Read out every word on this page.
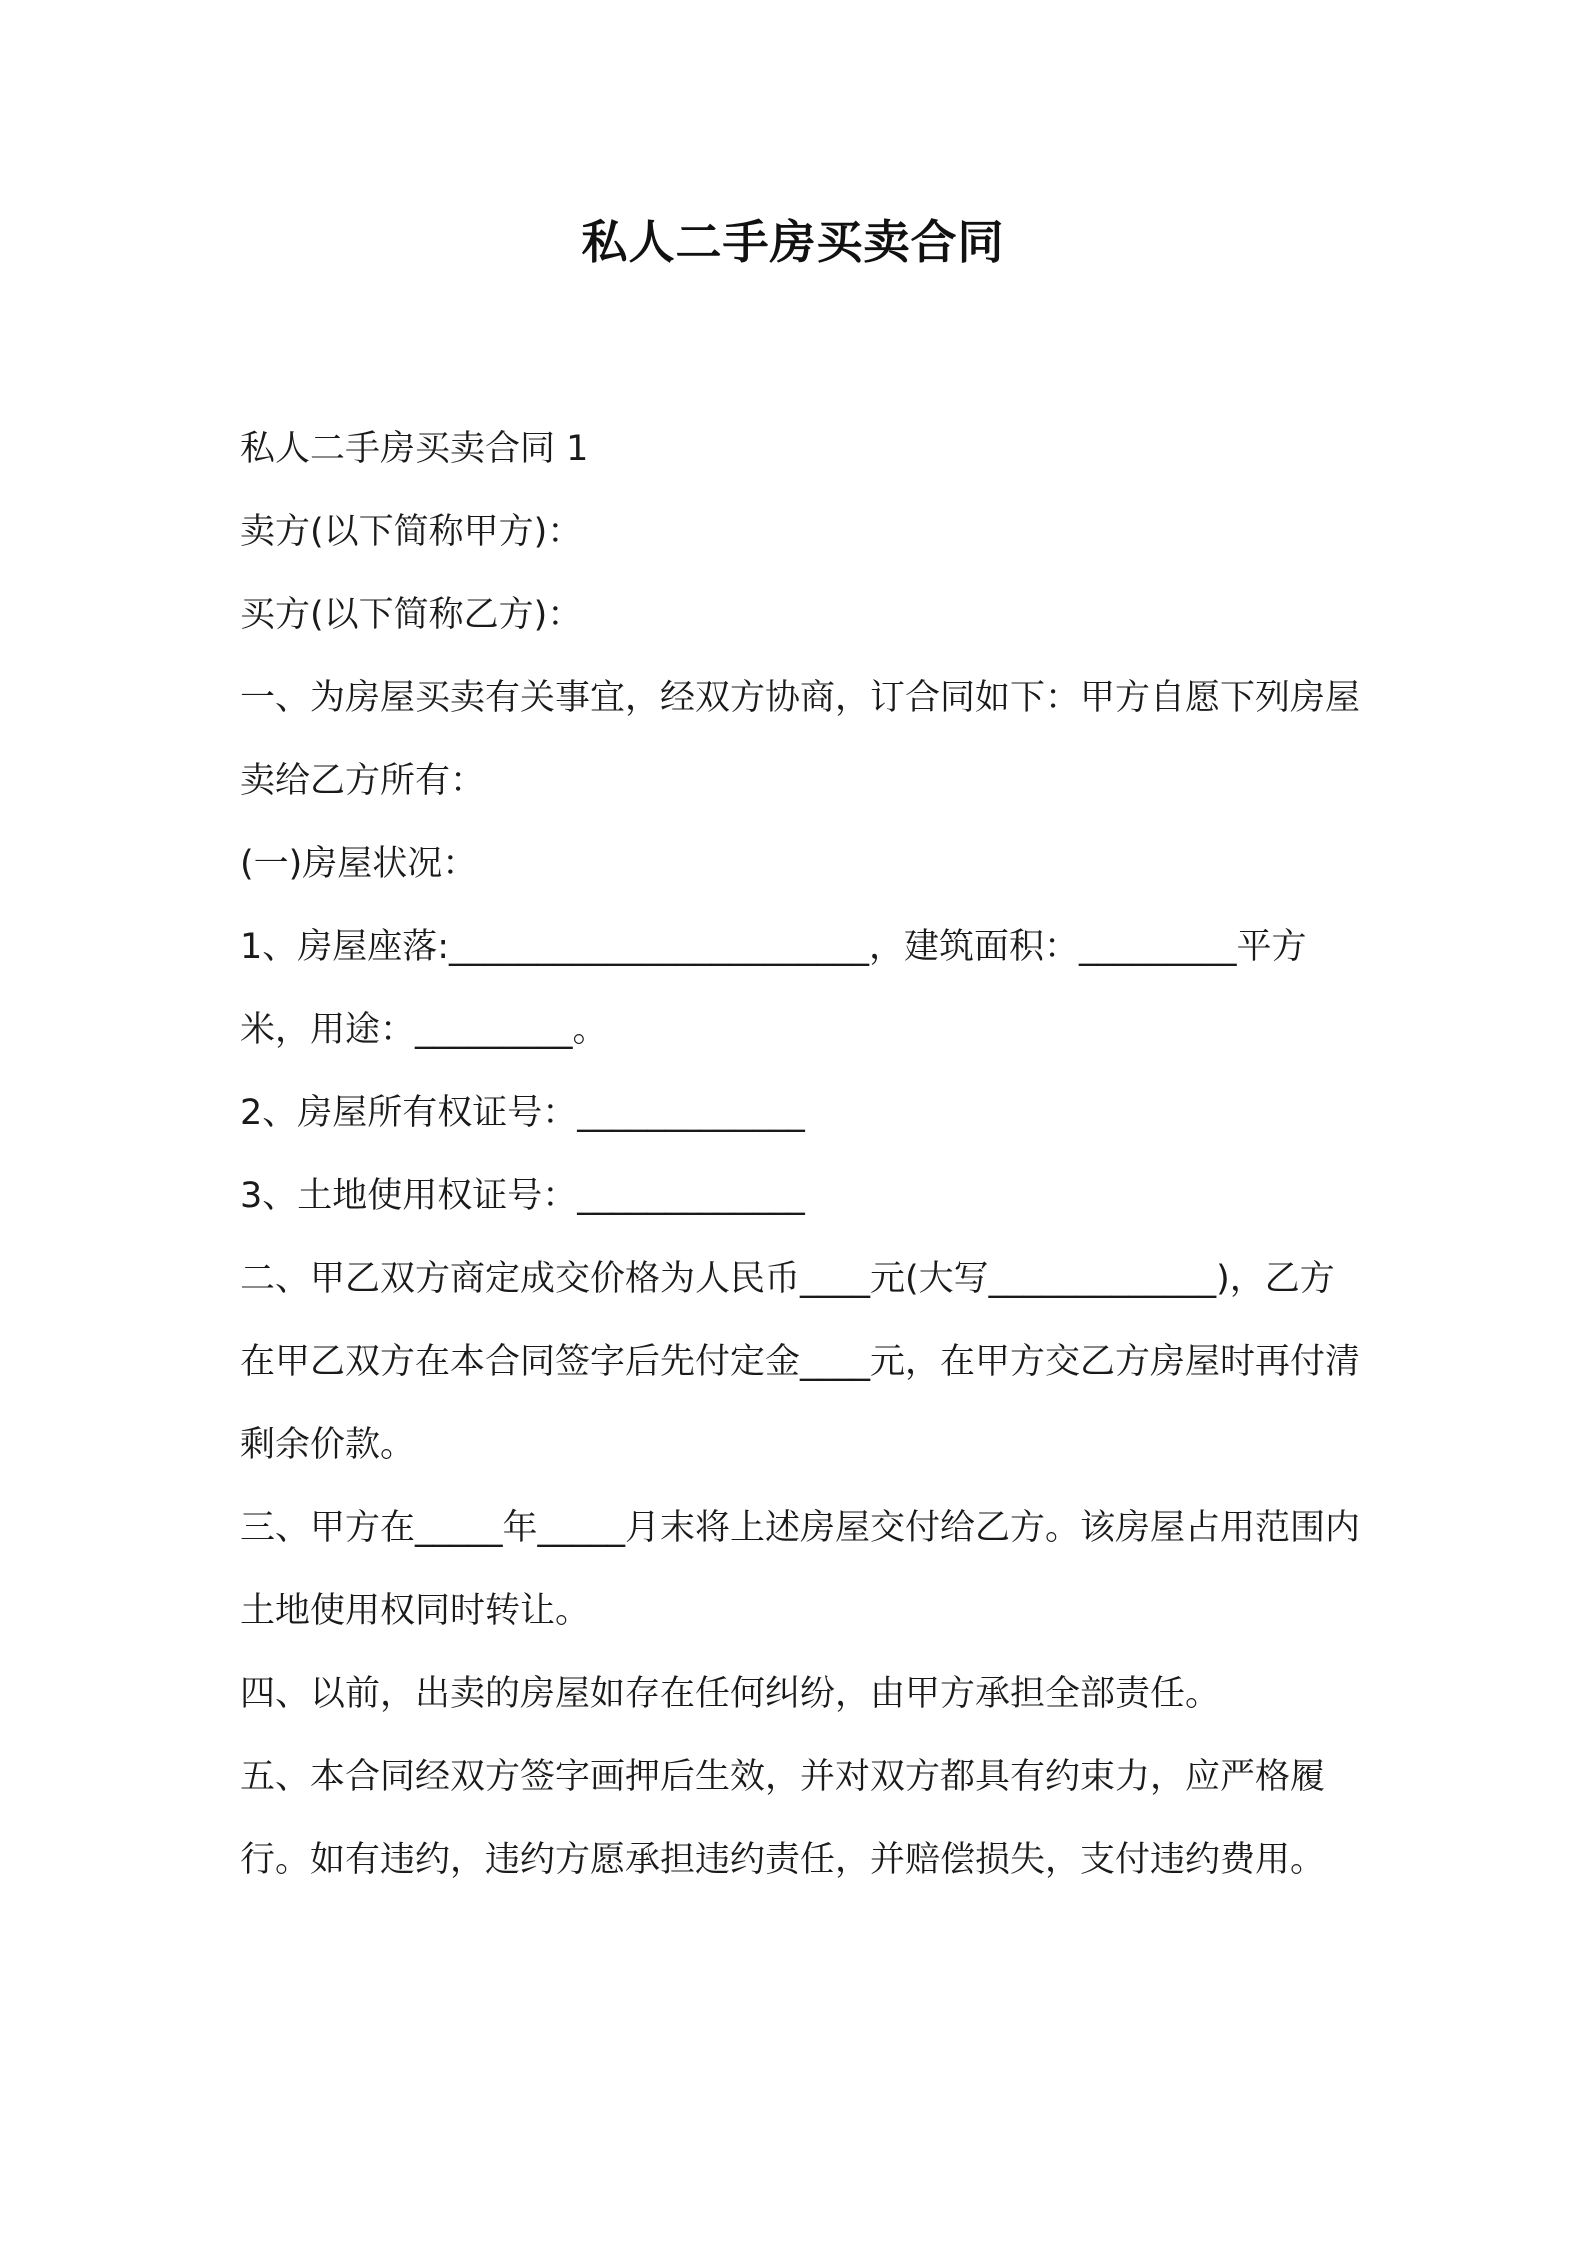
私人二手房买卖合同

私人二手房买卖合同 1

卖方(以下简称甲方)：

买方(以下简称乙方)：

一、为房屋买卖有关事宜，经双方协商，订合同如下：甲方自愿下列房屋卖给乙方所有：

(一)房屋状况：

1、房屋座落:________________________，建筑面积：_________平方米，用途：_________。

2、房屋所有权证号：_____________

3、土地使用权证号：_____________

二、甲乙双方商定成交价格为人民币____元(大写_____________)，乙方在甲乙双方在本合同签字后先付定金____元，在甲方交乙方房屋时再付清剩余价款。

三、甲方在_____年_____月末将上述房屋交付给乙方。该房屋占用范围内土地使用权同时转让。

四、以前，出卖的房屋如存在任何纠纷，由甲方承担全部责任。

五、本合同经双方签字画押后生效，并对双方都具有约束力，应严格履行。如有违约，违约方愿承担违约责任，并赔偿损失，支付违约费用。
